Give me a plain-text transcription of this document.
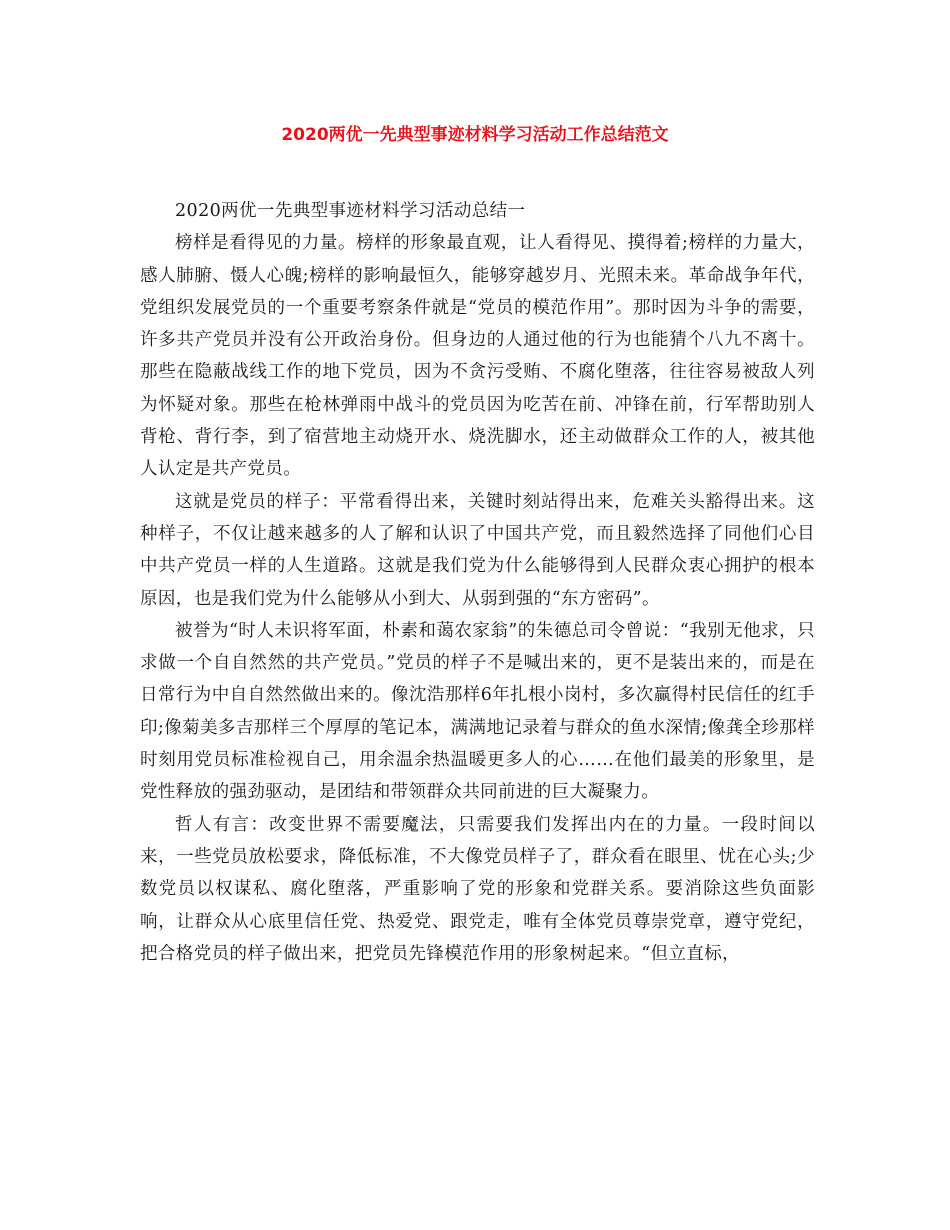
2020两优一先典型事迹材料学习活动工作总结范文

2020两优一先典型事迹材料学习活动总结一

榜样是看得见的力量。榜样的形象最直观，让人看得见、摸得着;榜样的力量大，感人肺腑、慑人心魄;榜样的影响最恒久，能够穿越岁月、光照未来。革命战争年代，党组织发展党员的一个重要考察条件就是“党员的模范作用”。那时因为斗争的需要，许多共产党员并没有公开政治身份。但身边的人通过他的行为也能猜个八九不离十。那些在隐蔽战线工作的地下党员，因为不贪污受贿、不腐化堕落，往往容易被敌人列为怀疑对象。那些在枪林弹雨中战斗的党员因为吃苦在前、冲锋在前，行军帮助别人背枪、背行李，到了宿营地主动烧开水、烧洗脚水，还主动做群众工作的人，被其他人认定是共产党员。

这就是党员的样子：平常看得出来，关键时刻站得出来，危难关头豁得出来。这种样子，不仅让越来越多的人了解和认识了中国共产党，而且毅然选择了同他们心目中共产党员一样的人生道路。这就是我们党为什么能够得到人民群众衷心拥护的根本原因，也是我们党为什么能够从小到大、从弱到强的“东方密码”。

被誉为“时人未识将军面，朴素和蔼农家翁”的朱德总司令曾说：“我别无他求，只求做一个自自然然的共产党员。”党员的样子不是喊出来的，更不是装出来的，而是在日常行为中自自然然做出来的。像沈浩那样6年扎根小岗村，多次赢得村民信任的红手印;像菊美多吉那样三个厚厚的笔记本，满满地记录着与群众的鱼水深情;像龚全珍那样时刻用党员标准检视自己，用余温余热温暖更多人的心……在他们最美的形象里，是党性释放的强劲驱动，是团结和带领群众共同前进的巨大凝聚力。

哲人有言：改变世界不需要魔法，只需要我们发挥出内在的力量。一段时间以来，一些党员放松要求，降低标准，不大像党员样子了，群众看在眼里、忧在心头;少数党员以权谋私、腐化堕落，严重影响了党的形象和党群关系。要消除这些负面影响，让群众从心底里信任党、热爱党、跟党走，唯有全体党员尊崇党章，遵守党纪，把合格党员的样子做出来，把党员先锋模范作用的形象树起来。“但立直标，
